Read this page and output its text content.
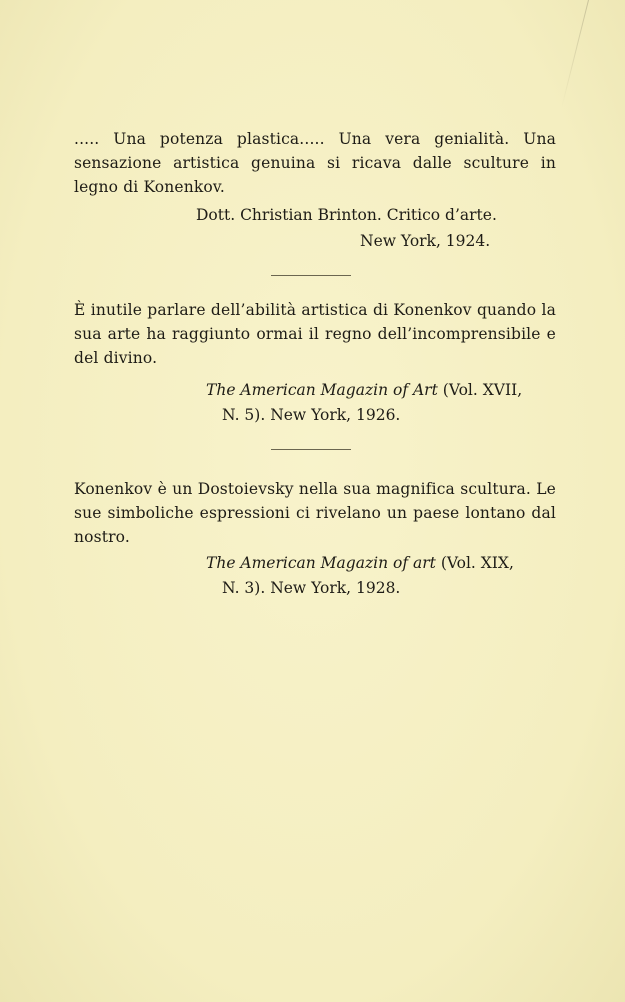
..... Una potenza plastica..... Una vera genialità. Una sensazione artistica genuina si ricava dalle sculture in legno di Konenkov.

Dott. Christian Brinton. Critico d’arte.
New York, 1924.

È inutile parlare dell’abilità artistica di Konenkov quando la sua arte ha raggiunto ormai il regno dell’incomprensibile e del divino.

The American Magazin of Art (Vol. XVII,
N. 5). New York, 1926.

Konenkov è un Dostoievsky nella sua magnifica scultura. Le sue simboliche espressioni ci rivelano un paese lontano dal nostro.

The American Magazin of art (Vol. XIX,
N. 3). New York, 1928.
